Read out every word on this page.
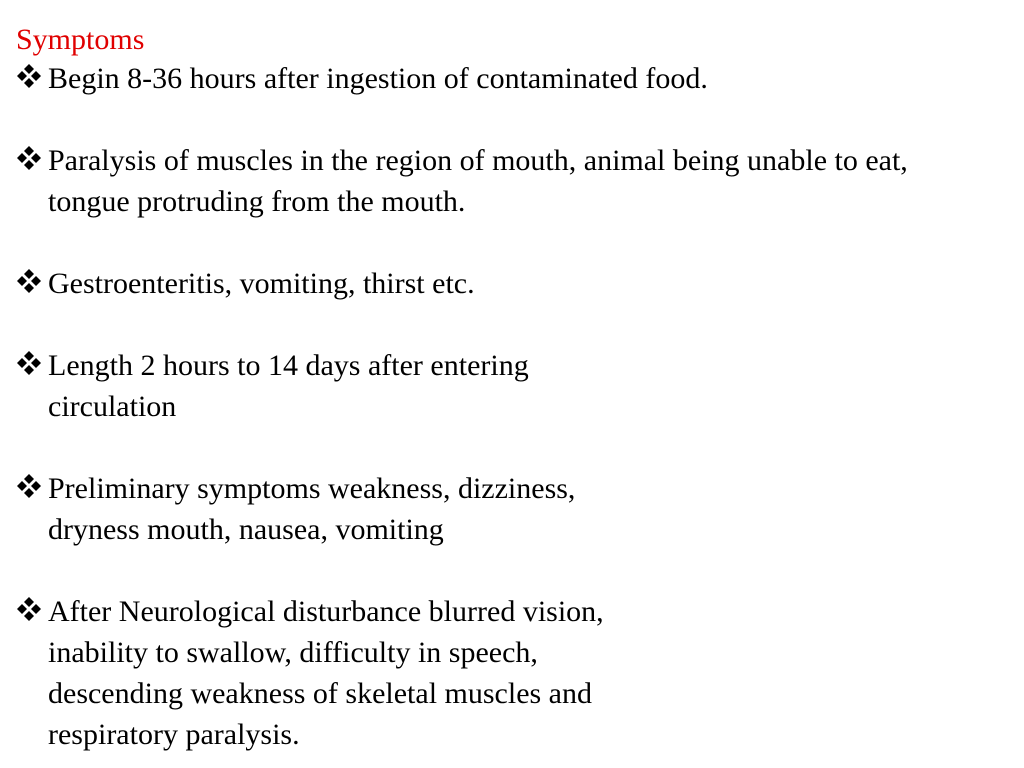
Symptoms
Begin 8-36 hours after ingestion of contaminated food.
Paralysis of muscles in the region of mouth, animal being unable to eat, tongue protruding from the mouth.
Gestroenteritis, vomiting, thirst etc.
Length 2 hours to 14 days after entering
circulation
Preliminary symptoms weakness, dizziness,
dryness mouth, nausea, vomiting
After Neurological disturbance blurred vision,
inability to swallow, difficulty in speech,
descending weakness of skeletal muscles and
respiratory paralysis.
